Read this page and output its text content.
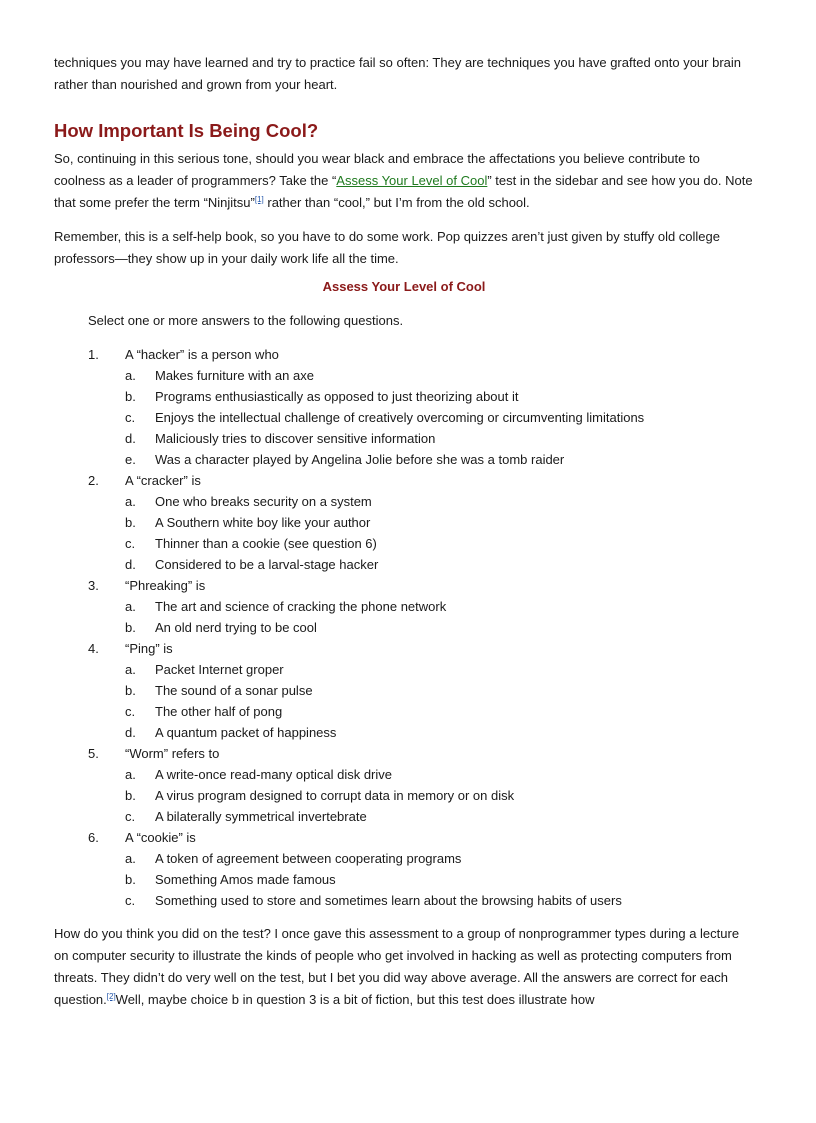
techniques you may have learned and try to practice fail so often: They are techniques you have grafted onto your brain rather than nourished and grown from your heart.

How Important Is Being Cool?

So, continuing in this serious tone, should you wear black and embrace the affectations you believe contribute to coolness as a leader of programmers? Take the “Assess Your Level of Cool” test in the sidebar and see how you do. Note that some prefer the term “Ninjitsu”[1] rather than “cool,” but I’m from the old school.

Remember, this is a self-help book, so you have to do some work. Pop quizzes aren’t just given by stuffy old college professors—they show up in your daily work life all the time.

Assess Your Level of Cool

Select one or more answers to the following questions.

1. A “hacker” is a person who
a. Makes furniture with an axe
b. Programs enthusiastically as opposed to just theorizing about it
c. Enjoys the intellectual challenge of creatively overcoming or circumventing limitations
d. Maliciously tries to discover sensitive information
e. Was a character played by Angelina Jolie before she was a tomb raider
2. A “cracker” is
a. One who breaks security on a system
b. A Southern white boy like your author
c. Thinner than a cookie (see question 6)
d. Considered to be a larval-stage hacker
3. “Phreaking” is
a. The art and science of cracking the phone network
b. An old nerd trying to be cool
4. “Ping” is
a. Packet Internet groper
b. The sound of a sonar pulse
c. The other half of pong
d. A quantum packet of happiness
5. “Worm” refers to
a. A write-once read-many optical disk drive
b. A virus program designed to corrupt data in memory or on disk
c. A bilaterally symmetrical invertebrate
6. A “cookie” is
a. A token of agreement between cooperating programs
b. Something Amos made famous
c. Something used to store and sometimes learn about the browsing habits of users

How do you think you did on the test? I once gave this assessment to a group of nonprogrammer types during a lecture on computer security to illustrate the kinds of people who get involved in hacking as well as protecting computers from threats. They didn’t do very well on the test, but I bet you did way above average. All the answers are correct for each question.[2]Well, maybe choice b in question 3 is a bit of fiction, but this test does illustrate how
